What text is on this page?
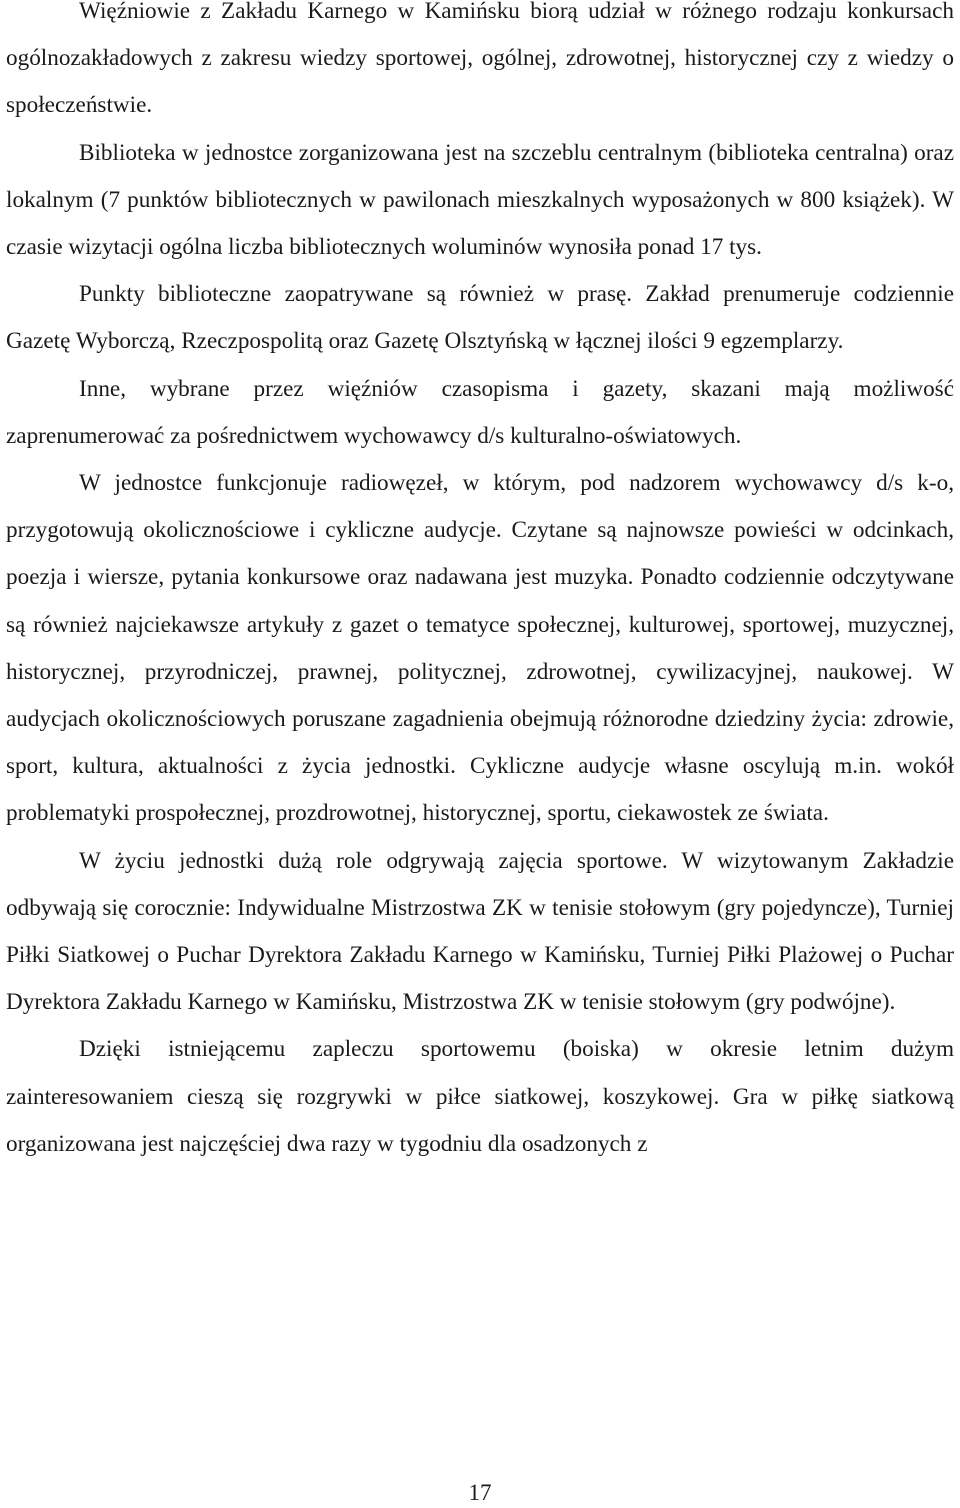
Więźniowie z Zakładu Karnego w Kamińsku biorą udział w różnego rodzaju konkursach ogólnozakładowych z zakresu wiedzy sportowej, ogólnej, zdrowotnej, historycznej czy z wiedzy o społeczeństwie.

Biblioteka w jednostce zorganizowana jest na szczeblu centralnym (biblioteka centralna) oraz lokalnym (7 punktów bibliotecznych w pawilonach mieszkalnych wyposażonych w 800 książek). W czasie wizytacji ogólna liczba bibliotecznych woluminów wynosiła ponad 17 tys.

Punkty biblioteczne zaopatrywane są również w prasę. Zakład prenumeruje codziennie Gazetę Wyborczą, Rzeczpospolitą oraz Gazetę Olsztyńską w łącznej ilości 9 egzemplarzy.

Inne, wybrane przez więźniów czasopisma i gazety, skazani mają możliwość zaprenumerować za pośrednictwem wychowawcy d/s kulturalno-oświatowych.

W jednostce funkcjonuje radiowęzeł, w którym, pod nadzorem wychowawcy d/s k-o, przygotowują okolicznościowe i cykliczne audycje. Czytane są najnowsze powieści w odcinkach, poezja i wiersze, pytania konkursowe oraz nadawana jest muzyka. Ponadto codziennie odczytywane są również najciekawsze artykuły z gazet o tematyce społecznej, kulturowej, sportowej, muzycznej, historycznej, przyrodniczej, prawnej, politycznej, zdrowotnej, cywilizacyjnej, naukowej. W audycjach okolicznościowych poruszane zagadnienia obejmują różnorodne dziedziny życia: zdrowie, sport, kultura, aktualności z życia jednostki. Cykliczne audycje własne oscylują m.in. wokół problematyki prospołecznej, prozdrowotnej, historycznej, sportu, ciekawostek ze świata.

W życiu jednostki dużą role odgrywają zajęcia sportowe. W wizytowanym Zakładzie odbywają się corocznie: Indywidualne Mistrzostwa ZK w tenisie stołowym (gry pojedyncze), Turniej Piłki Siatkowej o Puchar Dyrektora Zakładu Karnego w Kamińsku, Turniej Piłki Plażowej o Puchar Dyrektora Zakładu Karnego w Kamińsku, Mistrzostwa ZK w tenisie stołowym (gry podwójne).

Dzięki istniejącemu zapleczu sportowemu (boiska) w okresie letnim dużym zainteresowaniem cieszą się rozgrywki w piłce siatkowej, koszykowej. Gra w piłkę siatkową organizowana jest najczęściej dwa razy w tygodniu dla osadzonych z

17
